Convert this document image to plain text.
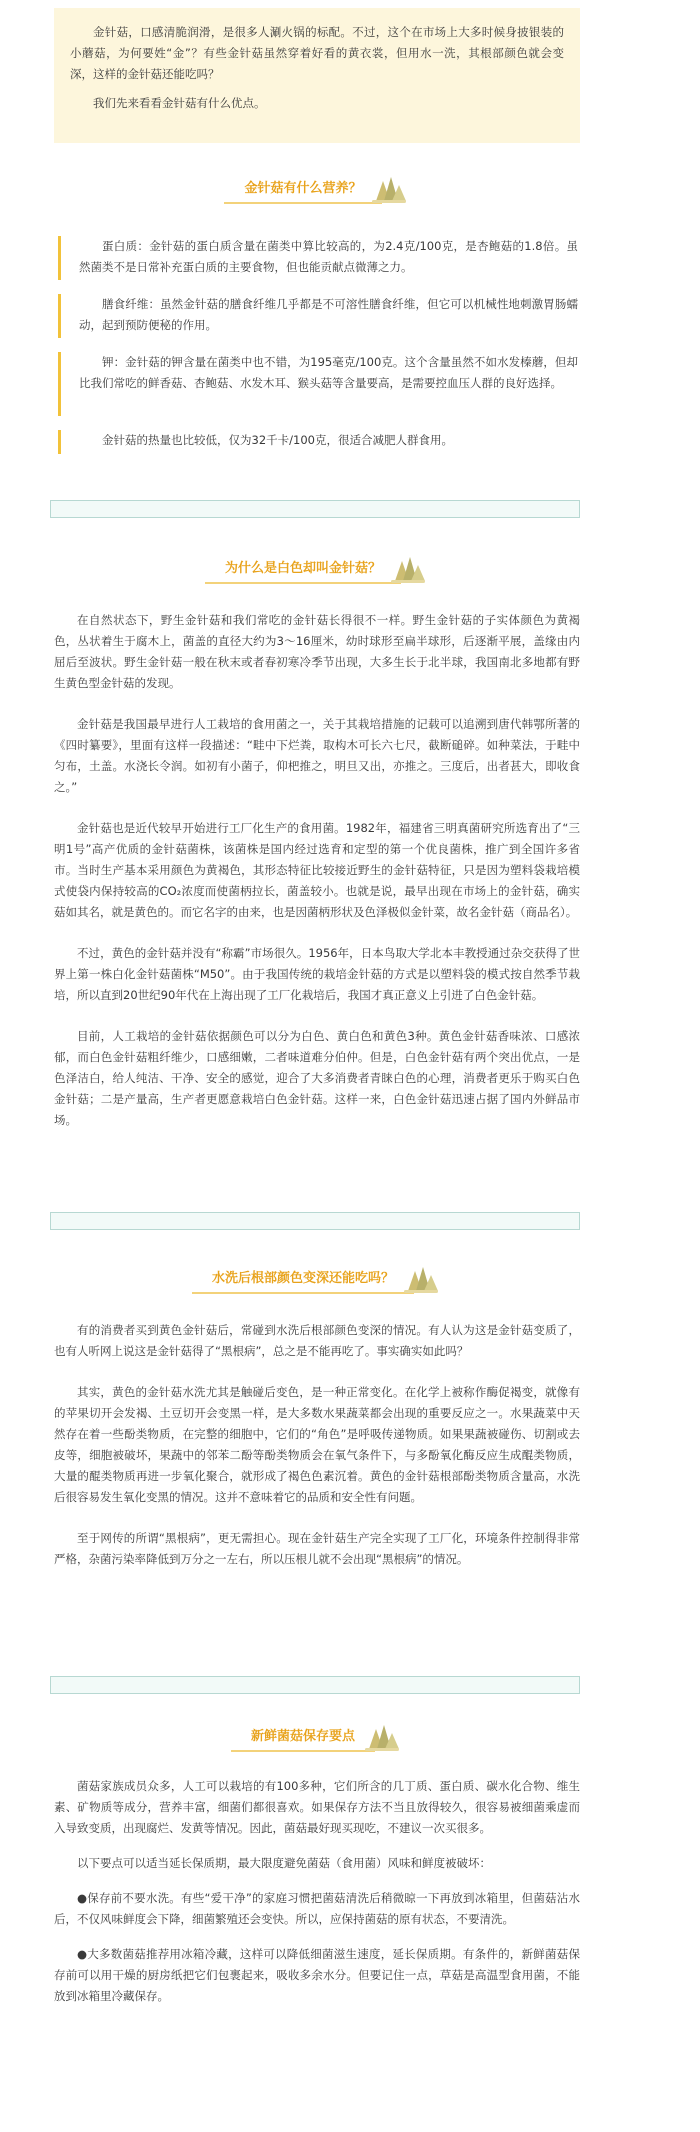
金针菇，口感清脆润滑，是很多人涮火锅的标配。不过，这个在市场上大多时候身披银装的小蘑菇，为何要姓“金”？有些金针菇虽然穿着好看的黄衣裳，但用水一洗，其根部颜色就会变深，这样的金针菇还能吃吗？

我们先来看看金针菇有什么优点。

金针菇有什么营养？

蛋白质：金针菇的蛋白质含量在菌类中算比较高的，为2.4克/100克，是杏鲍菇的1.8倍。虽然菌类不是日常补充蛋白质的主要食物，但也能贡献点微薄之力。

膳食纤维：虽然金针菇的膳食纤维几乎都是不可溶性膳食纤维，但它可以机械性地刺激胃肠蠕动，起到预防便秘的作用。

钾：金针菇的钾含量在菌类中也不错，为195毫克/100克。这个含量虽然不如水发榛蘑，但却比我们常吃的鲜香菇、杏鲍菇、水发木耳、猴头菇等含量要高，是需要控血压人群的良好选择。

金针菇的热量也比较低，仅为32千卡/100克，很适合减肥人群食用。

为什么是白色却叫金针菇？

在自然状态下，野生金针菇和我们常吃的金针菇长得很不一样。野生金针菇的子实体颜色为黄褐色，丛状着生于腐木上，菌盖的直径大约为3～16厘米，幼时球形至扁半球形，后逐渐平展，盖缘由内屈后至波状。野生金针菇一般在秋末或者春初寒冷季节出现，大多生长于北半球，我国南北多地都有野生黄色型金针菇的发现。

金针菇是我国最早进行人工栽培的食用菌之一，关于其栽培措施的记载可以追溯到唐代韩鄂所著的《四时纂要》，里面有这样一段描述：“畦中下烂粪，取构木可长六七尺，截断磓碎。如种菜法，于畦中匀布，土盖。水浇长令润。如初有小菌子，仰杷推之，明旦又出，亦推之。三度后，出者甚大，即收食之。”

金针菇也是近代较早开始进行工厂化生产的食用菌。1982年，福建省三明真菌研究所选育出了“三明1号”高产优质的金针菇菌株，该菌株是国内经过选育和定型的第一个优良菌株，推广到全国许多省市。当时生产基本采用颜色为黄褐色，其形态特征比较接近野生的金针菇特征，只是因为塑料袋栽培模式使袋内保持较高的CO₂浓度而使菌柄拉长，菌盖较小。也就是说，最早出现在市场上的金针菇，确实菇如其名，就是黄色的。而它名字的由来，也是因菌柄形状及色泽极似金针菜，故名金针菇（商品名）。

不过，黄色的金针菇并没有“称霸”市场很久。1956年，日本鸟取大学北本丰教授通过杂交获得了世界上第一株白化金针菇菌株“M50”。由于我国传统的栽培金针菇的方式是以塑料袋的模式按自然季节栽培，所以直到20世纪90年代在上海出现了工厂化栽培后，我国才真正意义上引进了白色金针菇。

目前，人工栽培的金针菇依据颜色可以分为白色、黄白色和黄色3种。黄色金针菇香味浓、口感浓郁，而白色金针菇粗纤维少，口感细嫩，二者味道难分伯仲。但是，白色金针菇有两个突出优点，一是色泽洁白，给人纯洁、干净、安全的感觉，迎合了大多消费者青睐白色的心理，消费者更乐于购买白色金针菇；二是产量高，生产者更愿意栽培白色金针菇。这样一来，白色金针菇迅速占据了国内外鲜品市场。

水洗后根部颜色变深还能吃吗？

有的消费者买到黄色金针菇后，常碰到水洗后根部颜色变深的情况。有人认为这是金针菇变质了，也有人听网上说这是金针菇得了“黑根病”，总之是不能再吃了。事实确实如此吗？

其实，黄色的金针菇水洗尤其是触碰后变色，是一种正常变化。在化学上被称作酶促褐变，就像有的苹果切开会发褐、土豆切开会变黑一样，是大多数水果蔬菜都会出现的重要反应之一。水果蔬菜中天然存在着一些酚类物质，在完整的细胞中，它们的“角色”是呼吸传递物质。如果果蔬被碰伤、切割或去皮等，细胞被破坏，果蔬中的邻苯二酚等酚类物质会在氧气条件下，与多酚氧化酶反应生成醌类物质，大量的醌类物质再进一步氧化聚合，就形成了褐色色素沉着。黄色的金针菇根部酚类物质含量高，水洗后很容易发生氧化变黑的情况。这并不意味着它的品质和安全性有问题。

至于网传的所谓“黑根病”，更无需担心。现在金针菇生产完全实现了工厂化，环境条件控制得非常严格，杂菌污染率降低到万分之一左右，所以压根儿就不会出现“黑根病”的情况。

新鲜菌菇保存要点

菌菇家族成员众多，人工可以栽培的有100多种，它们所含的几丁质、蛋白质、碳水化合物、维生素、矿物质等成分，营养丰富，细菌们都很喜欢。如果保存方法不当且放得较久，很容易被细菌乘虚而入导致变质，出现腐烂、发黄等情况。因此，菌菇最好现买现吃，不建议一次买很多。

以下要点可以适当延长保质期，最大限度避免菌菇（食用菌）风味和鲜度被破坏：

●保存前不要水洗。有些“爱干净”的家庭习惯把菌菇清洗后稍微晾一下再放到冰箱里，但菌菇沾水后，不仅风味鲜度会下降，细菌繁殖还会变快。所以，应保持菌菇的原有状态，不要清洗。

●大多数菌菇推荐用冰箱冷藏，这样可以降低细菌滋生速度，延长保质期。有条件的，新鲜菌菇保存前可以用干燥的厨房纸把它们包裹起来，吸收多余水分。但要记住一点，草菇是高温型食用菌，不能放到冰箱里冷藏保存。
